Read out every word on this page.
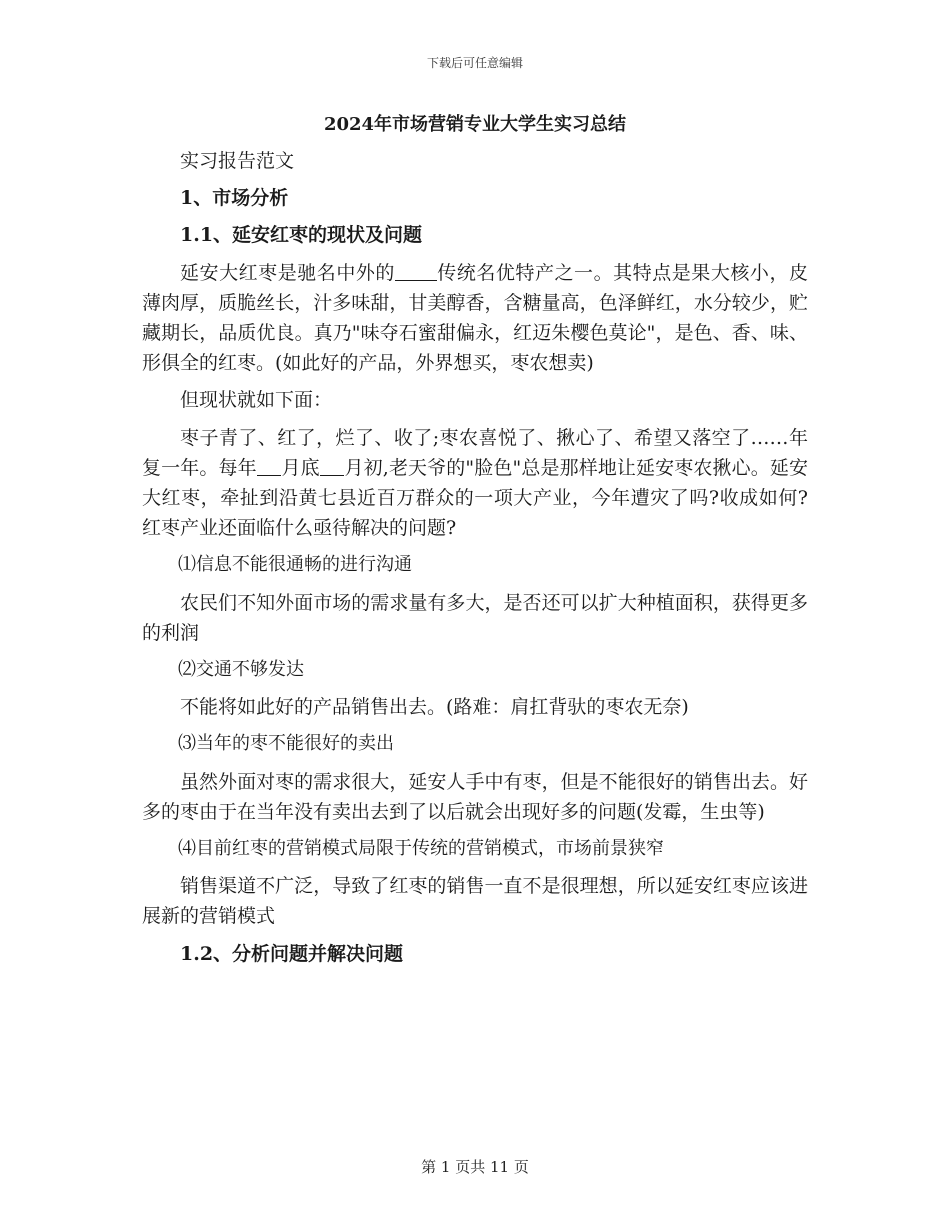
下载后可任意编辑
2024年市场营销专业大学生实习总结
实习报告范文
1、市场分析
1.1、延安红枣的现状及问题
延安大红枣是驰名中外的 传统名优特产之一。其特点是果大核小，皮薄肉厚，质脆丝长，汁多味甜，甘美醇香，含糖量高，色泽鲜红，水分较少，贮藏期长，品质优良。真乃"味夺石蜜甜偏永，红迈朱樱色莫论"，是色、香、味、形俱全的红枣。(如此好的产品，外界想买，枣农想卖)
但现状就如下面：
枣子青了、红了，烂了、收了;枣农喜悦了、揪心了、希望又落空了……年复一年。每年 月底 月初,老天爷的"脸色"总是那样地让延安枣农揪心。延安大红枣，牵扯到沿黄七县近百万群众的一项大产业，今年遭灾了吗?收成如何?红枣产业还面临什么亟待解决的问题?
⑴信息不能很通畅的进行沟通
农民们不知外面市场的需求量有多大，是否还可以扩大种植面积，获得更多的利润
⑵交通不够发达
不能将如此好的产品销售出去。(路难：肩扛背驮的枣农无奈)
⑶当年的枣不能很好的卖出
虽然外面对枣的需求很大，延安人手中有枣，但是不能很好的销售出去。好多的枣由于在当年没有卖出去到了以后就会出现好多的问题(发霉，生虫等)
⑷目前红枣的营销模式局限于传统的营销模式，市场前景狭窄
销售渠道不广泛，导致了红枣的销售一直不是很理想，所以延安红枣应该进展新的营销模式
1.2、分析问题并解决问题
第 1 页共 11 页
